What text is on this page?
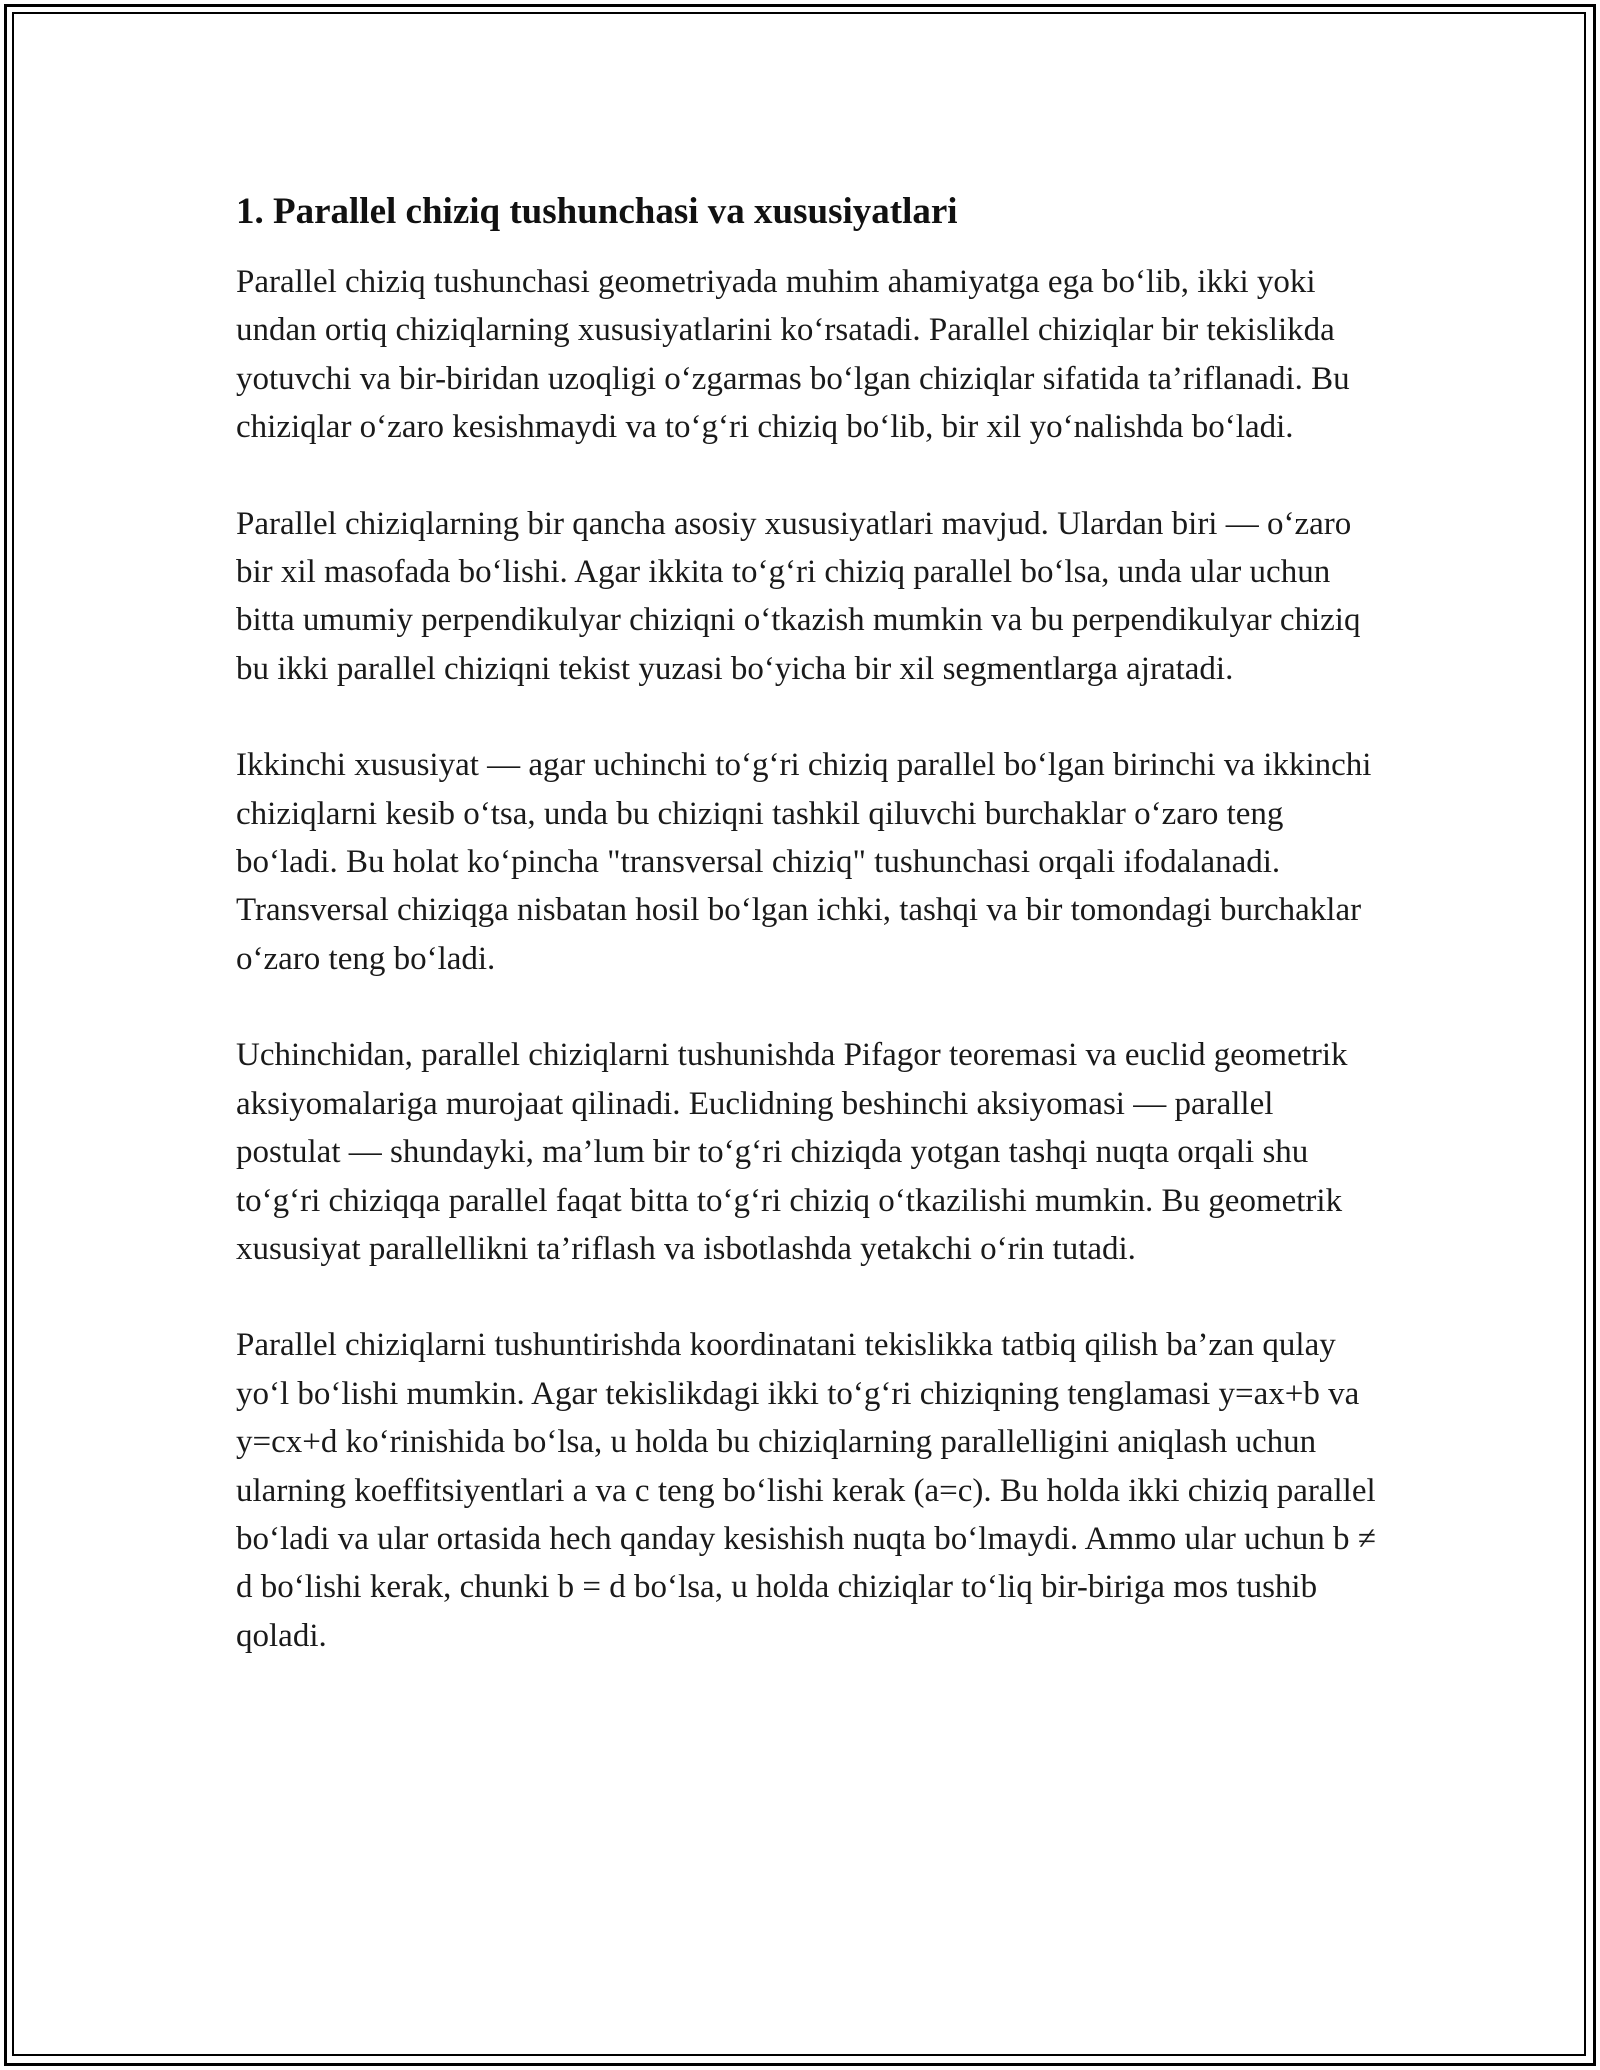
1. Parallel chiziq tushunchasi va xususiyatlari

Parallel chiziq tushunchasi geometriyada muhim ahamiyatga ega bo‘lib, ikki yoki undan ortiq chiziqlarning xususiyatlarini ko‘rsatadi. Parallel chiziqlar bir tekislikda yotuvchi va bir-biridan uzoqligi o‘zgarmas bo‘lgan chiziqlar sifatida ta’riflanadi. Bu chiziqlar o‘zaro kesishmaydi va to‘g‘ri chiziq bo‘lib, bir xil yo‘nalishda bo‘ladi.

Parallel chiziqlarning bir qancha asosiy xususiyatlari mavjud. Ulardan biri — o‘zaro bir xil masofada bo‘lishi. Agar ikkita to‘g‘ri chiziq parallel bo‘lsa, unda ular uchun bitta umumiy perpendikulyar chiziqni o‘tkazish mumkin va bu perpendikulyar chiziq bu ikki parallel chiziqni tekist yuzasi bo‘yicha bir xil segmentlarga ajratadi.

Ikkinchi xususiyat — agar uchinchi to‘g‘ri chiziq parallel bo‘lgan birinchi va ikkinchi chiziqlarni kesib o‘tsa, unda bu chiziqni tashkil qiluvchi burchaklar o‘zaro teng bo‘ladi. Bu holat ko‘pincha "transversal chiziq" tushunchasi orqali ifodalanadi. Transversal chiziqga nisbatan hosil bo‘lgan ichki, tashqi va bir tomondagi burchaklar o‘zaro teng bo‘ladi.

Uchinchidan, parallel chiziqlarni tushunishda Pifagor teoremasi va euclid geometrik aksiyomalariga murojaat qilinadi. Euclidning beshinchi aksiyomasi — parallel postulat — shundayki, ma’lum bir to‘g‘ri chiziqda yotgan tashqi nuqta orqali shu to‘g‘ri chiziqqa parallel faqat bitta to‘g‘ri chiziq o‘tkazilishi mumkin. Bu geometrik xususiyat parallellikni ta’riflash va isbotlashda yetakchi o‘rin tutadi.

Parallel chiziqlarni tushuntirishda koordinatani tekislikka tatbiq qilish ba’zan qulay yo‘l bo‘lishi mumkin. Agar tekislikdagi ikki to‘g‘ri chiziqning tenglamasi y=ax+b va y=cx+d ko‘rinishida bo‘lsa, u holda bu chiziqlarning parallelligini aniqlash uchun ularning koeffitsiyentlari a va c teng bo‘lishi kerak (a=c). Bu holda ikki chiziq parallel bo‘ladi va ular ortasida hech qanday kesishish nuqta bo‘lmaydi. Ammo ular uchun b ≠ d bo‘lishi kerak, chunki b = d bo‘lsa, u holda chiziqlar to‘liq bir-biriga mos tushib qoladi.
